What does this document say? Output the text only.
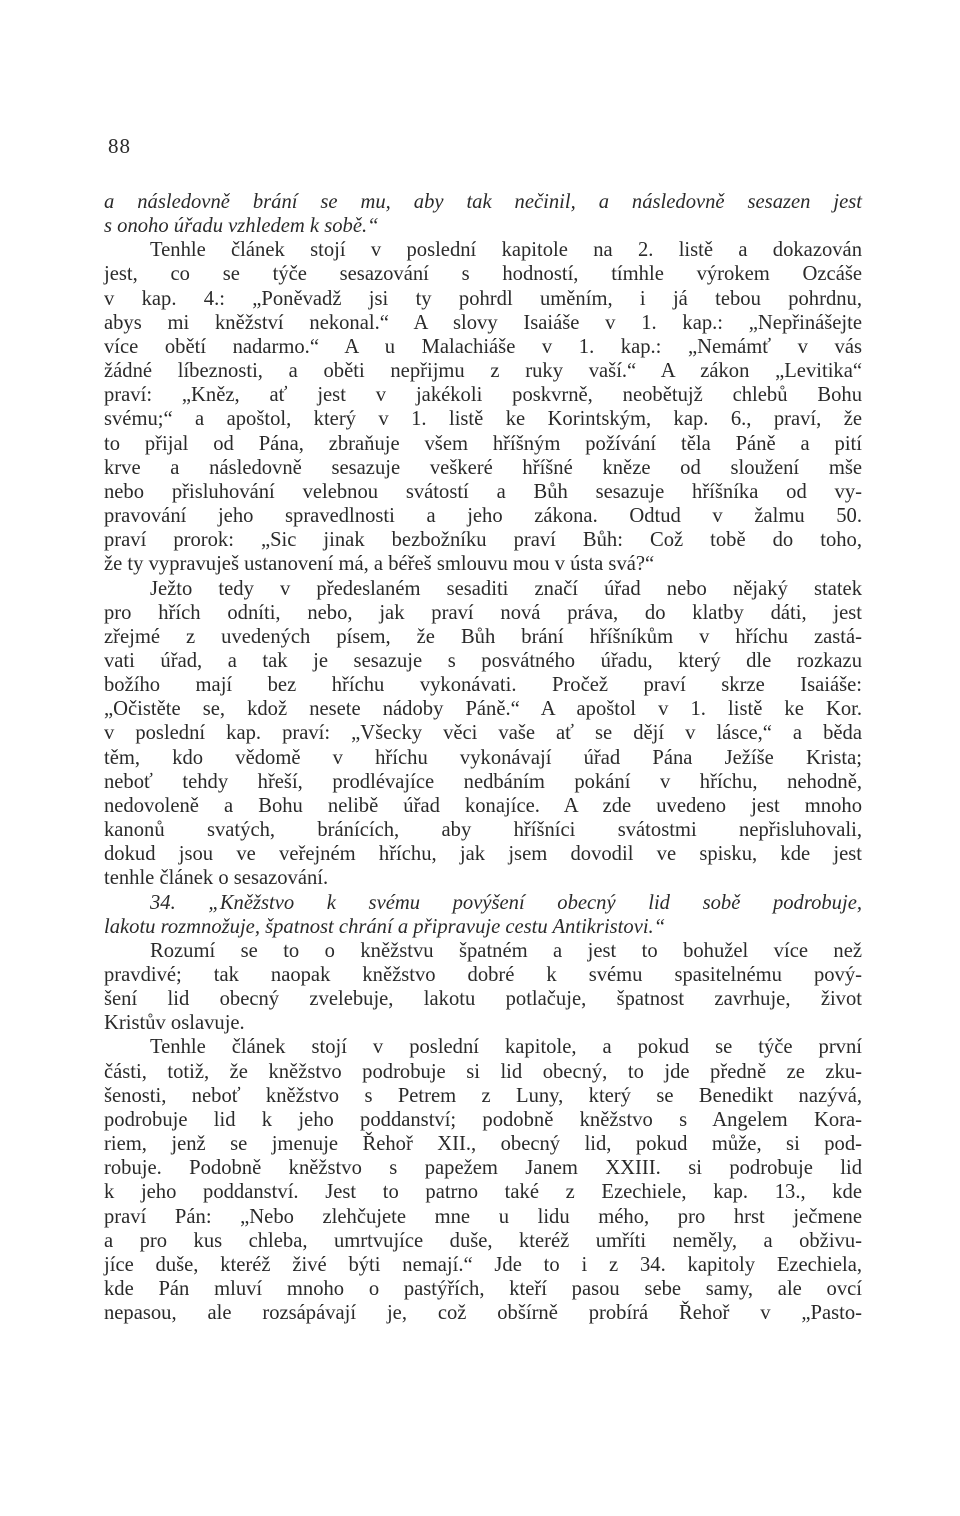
88
a následovně brání se mu, aby tak nečinil, a následovně sesazen jest
s onoho úřadu vzhledem k sobě.“
Tenhle článek stojí v poslední kapitole na 2. listě a dokazován
jest, co se týče sesazování s hodností, tímhle výrokem Ozcáše
v kap. 4.: „Poněvadž jsi ty pohrdl uměním, i já tebou pohrdnu,
abys mi kněžství nekonal.“ A slovy Isaiáše v 1. kap.: „Nepřinášejte
více obětí nadarmo.“ A u Malachiáše v 1. kap.: „Nemámť v vás
žádné líbeznosti, a oběti nepřijmu z ruky vaší.“ A zákon „Levitika“
praví: „Kněz, ať jest v jakékoli poskvrně, neobětujž chlebů Bohu
svému;“ a apoštol, který v 1. listě ke Korintským, kap. 6., praví, že
to přijal od Pána, zbraňuje všem hříšným požívání těla Páně a pití
krve a následovně sesazuje veškeré hříšné kněze od sloužení mše
nebo přisluhování velebnou svátostí a Bůh sesazuje hříšníka od vy-
pravování jeho spravedlnosti a jeho zákona. Odtud v žalmu 50.
praví prorok: „Sic jinak bezbožníku praví Bůh: Což tobě do toho,
že ty vypravuješ ustanovení má, a béřeš smlouvu mou v ústa svá?“
Ježto tedy v předeslaném sesaditi značí úřad nebo nějaký statek
pro hřích odníti, nebo, jak praví nová práva, do klatby dáti, jest
zřejmé z uvedených písem, že Bůh brání hříšníkům v hříchu zastá-
vati úřad, a tak je sesazuje s posvátného úřadu, který dle rozkazu
božího mají bez hříchu vykonávati. Pročež praví skrze Isaiáše:
„Očistěte se, kdož nesete nádoby Páně.“ A apoštol v 1. listě ke Kor.
v poslední kap. praví: „Všecky věci vaše ať se dějí v lásce,“ a běda
těm, kdo vědomě v hříchu vykonávají úřad Pána Ježíše Krista;
neboť tehdy hřeší, prodlévajíce nedbáním pokání v hříchu, nehodně,
nedovoleně a Bohu nelibě úřad konajíce. A zde uvedeno jest mnoho
kanonů svatých, bránících, aby hříšníci svátostmi nepřisluhovali,
dokud jsou ve veřejném hříchu, jak jsem dovodil ve spisku, kde jest
tenhle článek o sesazování.
34. „Kněžstvo k svému povýšení obecný lid sobě podrobuje,
lakotu rozmnožuje, špatnost chrání a připravuje cestu Antikristovi.“
Rozumí se to o kněžstvu špatném a jest to bohužel více než
pravdivé; tak naopak kněžstvo dobré k svému spasitelnému pový-
šení lid obecný zvelebuje, lakotu potlačuje, špatnost zavrhuje, život
Kristův oslavuje.
Tenhle článek stojí v poslední kapitole, a pokud se týče první
části, totiž, že kněžstvo podrobuje si lid obecný, to jde předně ze zku-
šenosti, neboť kněžstvo s Petrem z Luny, který se Benedikt nazývá,
podrobuje lid k jeho poddanství; podobně kněžstvo s Angelem Kora-
riem, jenž se jmenuje Řehoř XII., obecný lid, pokud může, si pod-
robuje. Podobně kněžstvo s papežem Janem XXIII. si podrobuje lid
k jeho poddanství. Jest to patrno také z Ezechiele, kap. 13., kde
praví Pán: „Nebo zlehčujete mne u lidu mého, pro hrst ječmene
a pro kus chleba, umrtvujíce duše, kteréž umříti neměly, a obživu-
jíce duše, kteréž živé býti nemají.“ Jde to i z 34. kapitoly Ezechiela,
kde Pán mluví mnoho o pastýřích, kteří pasou sebe samy, ale ovcí
nepasou, ale rozsápávají je, což obšírně probírá Řehoř v „Pasto-
